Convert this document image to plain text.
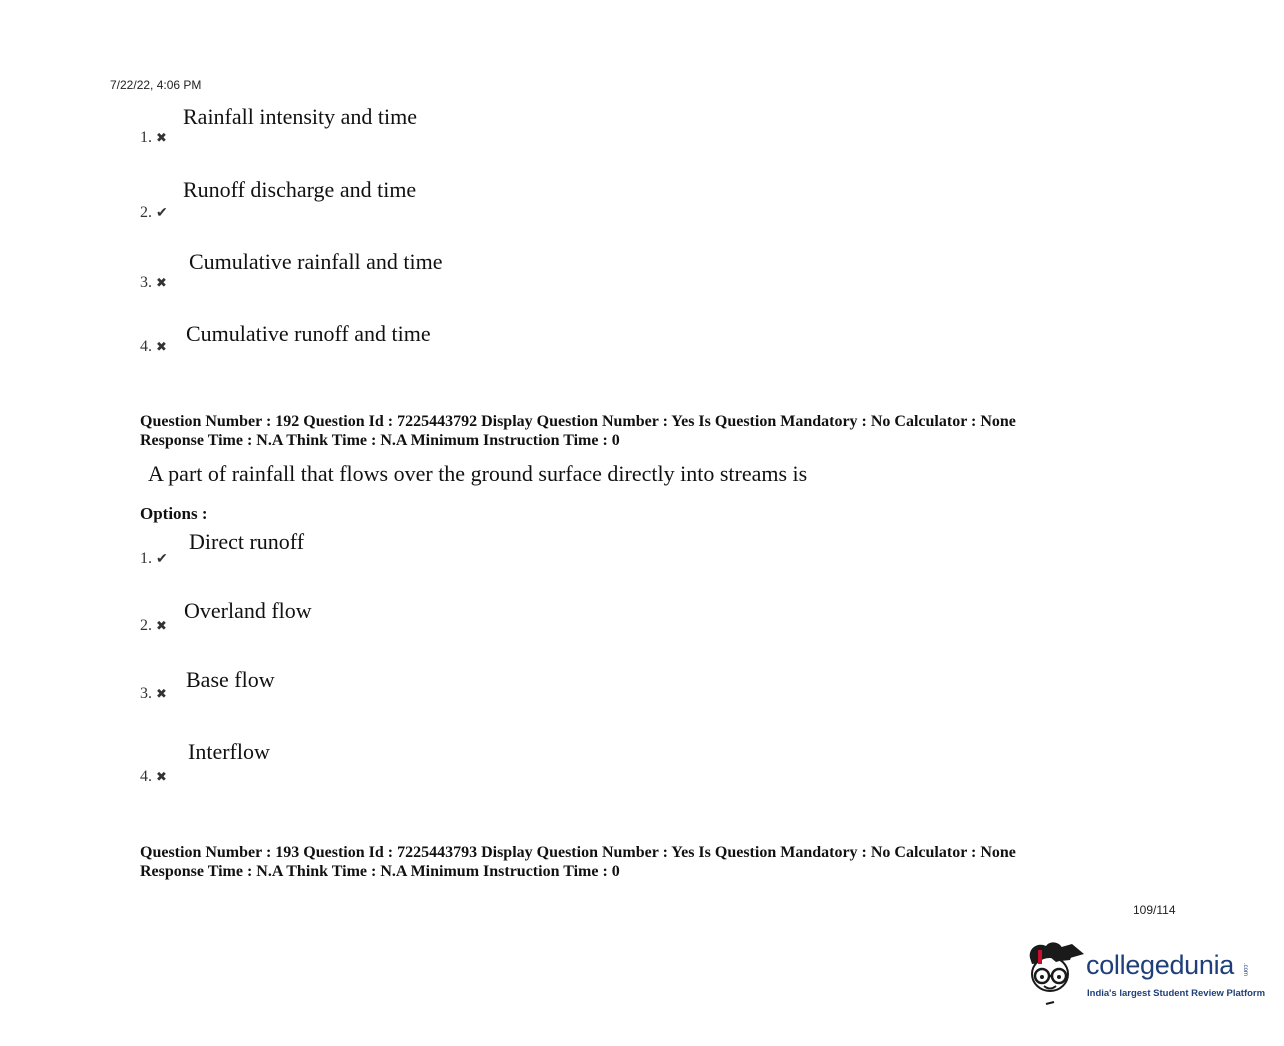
7/22/22, 4:06 PM
Rainfall intensity and time
1. ✖
Runoff discharge and time
2. ✔
Cumulative rainfall and time
3. ✖
Cumulative runoff and time
4. ✖
Question Number : 192 Question Id : 7225443792 Display Question Number : Yes Is Question Mandatory : No Calculator : None
Response Time : N.A Think Time : N.A Minimum Instruction Time : 0
A part of rainfall that flows over the ground surface directly into streams is
Options :
Direct runoff
1. ✔
Overland flow
2. ✖
Base flow
3. ✖
Interflow
4. ✖
Question Number : 193 Question Id : 7225443793 Display Question Number : Yes Is Question Mandatory : No Calculator : None
Response Time : N.A Think Time : N.A Minimum Instruction Time : 0
109/114
collegedunia .com
India's largest Student Review Platform
